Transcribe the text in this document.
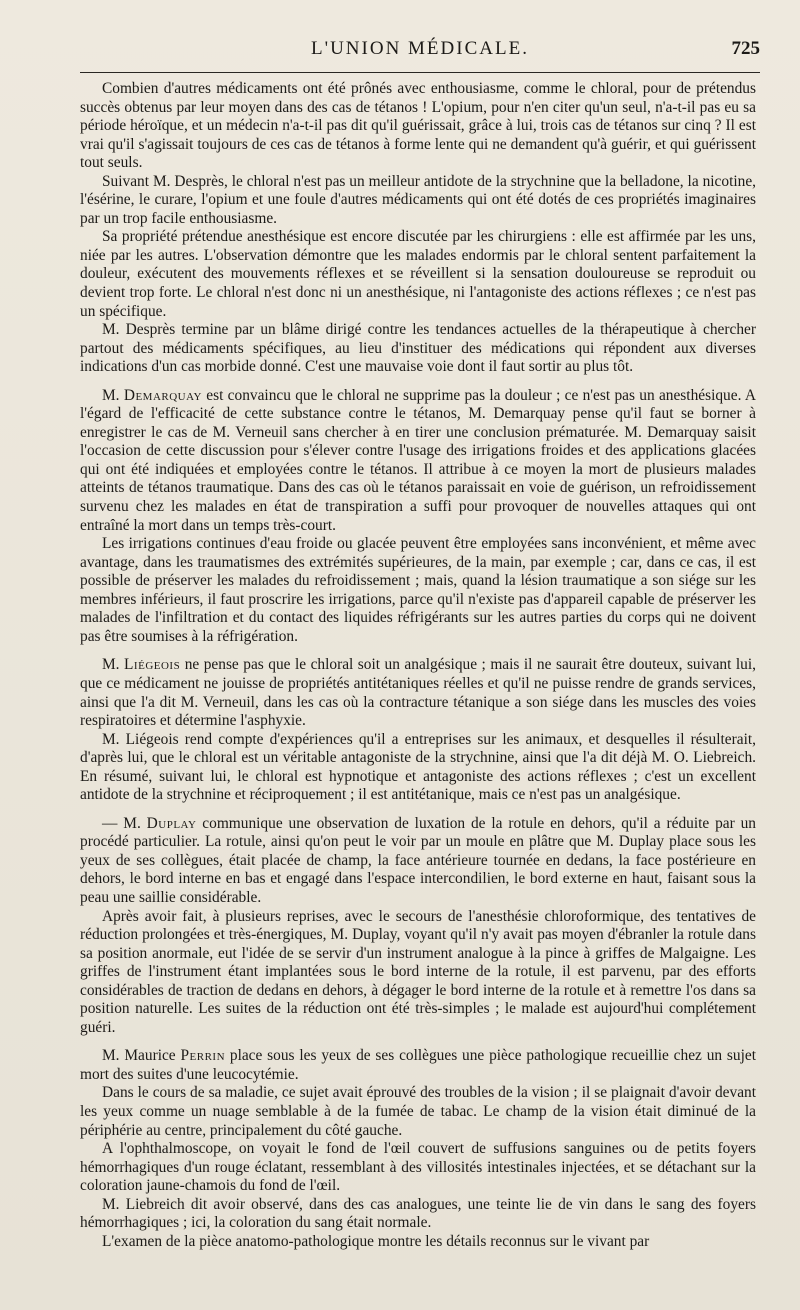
L'UNION MÉDICALE.	725

Combien d'autres médicaments ont été prônés avec enthousiasme, comme le chloral, pour de prétendus succès obtenus par leur moyen dans des cas de tétanos ! L'opium, pour n'en citer qu'un seul, n'a-t-il pas eu sa période héroïque, et un médecin n'a-t-il pas dit qu'il guérissait, grâce à lui, trois cas de tétanos sur cinq ? Il est vrai qu'il s'agissait toujours de ces cas de tétanos à forme lente qui ne demandent qu'à guérir, et qui guérissent tout seuls.

Suivant M. Desprès, le chloral n'est pas un meilleur antidote de la strychnine que la belladone, la nicotine, l'ésérine, le curare, l'opium et une foule d'autres médicaments qui ont été dotés de ces propriétés imaginaires par un trop facile enthousiasme.

Sa propriété prétendue anesthésique est encore discutée par les chirurgiens : elle est affirmée par les uns, niée par les autres. L'observation démontre que les malades endormis par le chloral sentent parfaitement la douleur, exécutent des mouvements réflexes et se réveillent si la sensation douloureuse se reproduit ou devient trop forte. Le chloral n'est donc ni un anesthésique, ni l'antagoniste des actions réflexes ; ce n'est pas un spécifique.

M. Desprès termine par un blâme dirigé contre les tendances actuelles de la thérapeutique à chercher partout des médicaments spécifiques, au lieu d'instituer des médications qui répondent aux diverses indications d'un cas morbide donné. C'est une mauvaise voie dont il faut sortir au plus tôt.

M. Demarquay est convaincu que le chloral ne supprime pas la douleur ; ce n'est pas un anesthésique. A l'égard de l'efficacité de cette substance contre le tétanos, M. Demarquay pense qu'il faut se borner à enregistrer le cas de M. Verneuil sans chercher à en tirer une conclusion prématurée. M. Demarquay saisit l'occasion de cette discussion pour s'élever contre l'usage des irrigations froides et des applications glacées qui ont été indiquées et employées contre le tétanos. Il attribue à ce moyen la mort de plusieurs malades atteints de tétanos traumatique. Dans des cas où le tétanos paraissait en voie de guérison, un refroidissement survenu chez les malades en état de transpiration a suffi pour provoquer de nouvelles attaques qui ont entraîné la mort dans un temps très-court.

Les irrigations continues d'eau froide ou glacée peuvent être employées sans inconvénient, et même avec avantage, dans les traumatismes des extrémités supérieures, de la main, par exemple ; car, dans ce cas, il est possible de préserver les malades du refroidissement ; mais, quand la lésion traumatique a son siége sur les membres inférieurs, il faut proscrire les irrigations, parce qu'il n'existe pas d'appareil capable de préserver les malades de l'infiltration et du contact des liquides réfrigérants sur les autres parties du corps qui ne doivent pas être soumises à la réfrigération.

M. Liégeois ne pense pas que le chloral soit un analgésique ; mais il ne saurait être douteux, suivant lui, que ce médicament ne jouisse de propriétés antitétaniques réelles et qu'il ne puisse rendre de grands services, ainsi que l'a dit M. Verneuil, dans les cas où la contracture tétanique a son siége dans les muscles des voies respiratoires et détermine l'asphyxie.

M. Liégeois rend compte d'expériences qu'il a entreprises sur les animaux, et desquelles il résulterait, d'après lui, que le chloral est un véritable antagoniste de la strychnine, ainsi que l'a dit déjà M. O. Liebreich. En résumé, suivant lui, le chloral est hypnotique et antagoniste des actions réflexes ; c'est un excellent antidote de la strychnine et réciproquement ; il est antitétanique, mais ce n'est pas un analgésique.

— M. Duplay communique une observation de luxation de la rotule en dehors, qu'il a réduite par un procédé particulier. La rotule, ainsi qu'on peut le voir par un moule en plâtre que M. Duplay place sous les yeux de ses collègues, était placée de champ, la face antérieure tournée en dedans, la face postérieure en dehors, le bord interne en bas et engagé dans l'espace intercondilien, le bord externe en haut, faisant sous la peau une saillie considérable.

Après avoir fait, à plusieurs reprises, avec le secours de l'anesthésie chloroformique, des tentatives de réduction prolongées et très-énergiques, M. Duplay, voyant qu'il n'y avait pas moyen d'ébranler la rotule dans sa position anormale, eut l'idée de se servir d'un instrument analogue à la pince à griffes de Malgaigne. Les griffes de l'instrument étant implantées sous le bord interne de la rotule, il est parvenu, par des efforts considérables de traction de dedans en dehors, à dégager le bord interne de la rotule et à remettre l'os dans sa position naturelle. Les suites de la réduction ont été très-simples ; le malade est aujourd'hui complétement guéri.

M. Maurice Perrin place sous les yeux de ses collègues une pièce pathologique recueillie chez un sujet mort des suites d'une leucocytémie.

Dans le cours de sa maladie, ce sujet avait éprouvé des troubles de la vision ; il se plaignait d'avoir devant les yeux comme un nuage semblable à de la fumée de tabac. Le champ de la vision était diminué de la périphérie au centre, principalement du côté gauche.

A l'ophthalmoscope, on voyait le fond de l'œil couvert de suffusions sanguines ou de petits foyers hémorrhagiques d'un rouge éclatant, ressemblant à des villosités intestinales injectées, et se détachant sur la coloration jaune-chamois du fond de l'œil.

M. Liebreich dit avoir observé, dans des cas analogues, une teinte lie de vin dans le sang des foyers hémorrhagiques ; ici, la coloration du sang était normale.

L'examen de la pièce anatomo-pathologique montre les détails reconnus sur le vivant par
